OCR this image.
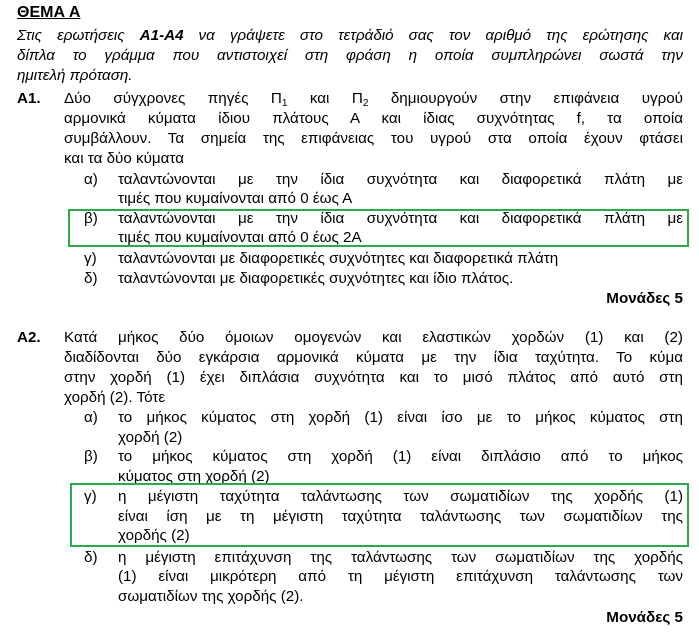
ΘΕΜΑ Α
Στις ερωτήσεις Α1-Α4 να γράψετε στο τετράδιό σας τον αριθμό της ερώτησης και
δίπλα το γράμμα που αντιστοιχεί στη φράση η οποία συμπληρώνει σωστά την
ημιτελή πρόταση.
Α1. Δύο σύγχρονες πηγές $\Pi_1$ και $\Pi_2$ δημιουργούν στην επιφάνεια υγρού
αρμονικά κύματα ίδιου πλάτους Α και ίδιας συχνότητας f, τα οποία
συμβάλλουν. Τα σημεία της επιφάνειας του υγρού στα οποία έχουν φτάσει
και τα δύο κύματα
α) ταλαντώνονται με την ίδια συχνότητα και διαφορετικά πλάτη με
τιμές που κυμαίνονται από 0 έως Α
β) ταλαντώνονται με την ίδια συχνότητα και διαφορετικά πλάτη με
τιμές που κυμαίνονται από 0 έως 2Α
γ) ταλαντώνονται με διαφορετικές συχνότητες και διαφορετικά πλάτη
δ) ταλαντώνονται με διαφορετικές συχνότητες και ίδιο πλάτος.
Μονάδες 5
Α2. Κατά μήκος δύο όμοιων ομογενών και ελαστικών χορδών (1) και (2)
διαδίδονται δύο εγκάρσια αρμονικά κύματα με την ίδια ταχύτητα. Το κύμα
στην χορδή (1) έχει διπλάσια συχνότητα και το μισό πλάτος από αυτό στη
χορδή (2). Τότε
α) το μήκος κύματος στη χορδή (1) είναι ίσο με το μήκος κύματος στη
χορδή (2)
β) το μήκος κύματος στη χορδή (1) είναι διπλάσιο από το μήκος
κύματος στη χορδή (2)
γ) η μέγιστη ταχύτητα ταλάντωσης των σωματιδίων της χορδής (1)
είναι ίση με τη μέγιστη ταχύτητα ταλάντωσης των σωματιδίων της
χορδής (2)
δ) η μέγιστη επιτάχυνση της ταλάντωσης των σωματιδίων της χορδής
(1) είναι μικρότερη από τη μέγιστη επιτάχυνση ταλάντωσης των
σωματιδίων της χορδής (2).
Μονάδες 5
